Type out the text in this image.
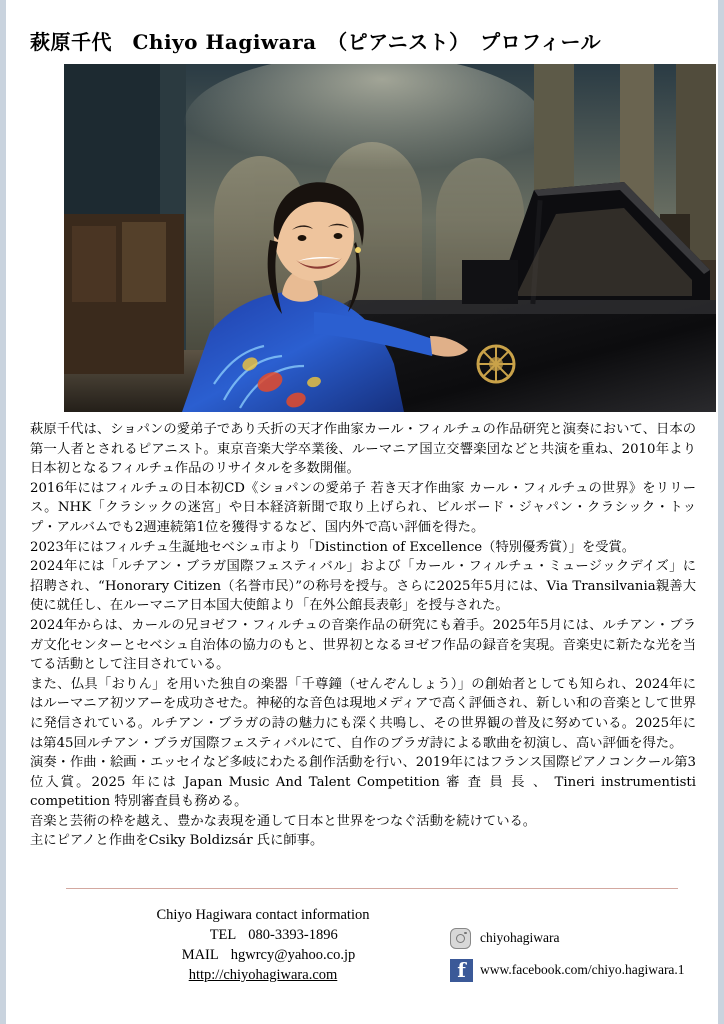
萩原千代　Chiyo Hagiwara　（ピアニスト）　プロフィール

萩原千代は、ショパンの愛弟子であり夭折の天才作曲家カール・フィルチュの作品研究と演奏において、日本の第一人者とされるピアニスト。東京音楽大学卒業後、ルーマニア国立交響楽団などと共演を重ね、2010年より日本初となるフィルチュ作品のリサイタルを多数開催。

2016年にはフィルチュの日本初CD《ショパンの愛弟子 若き天才作曲家 カール・フィルチュの世界》をリリース。NHK「クラシックの迷宮」や日本経済新聞で取り上げられ、ビルボード・ジャパン・クラシック・トップ・アルバムでも2週連続第1位を獲得するなど、国内外で高い評価を得た。

2023年にはフィルチュ生誕地セベシュ市より「Distinction of Excellence（特別優秀賞）」を受賞。

2024年には「ルチアン・ブラガ国際フェスティバル」および「カール・フィルチュ・ミュージックデイズ」に招聘され、“Honorary Citizen（名誉市民）”の称号を授与。さらに2025年5月には、Via Transilvania親善大使に就任し、在ルーマニア日本国大使館より「在外公館長表彰」を授与された。

2024年からは、カールの兄ヨゼフ・フィルチュの音楽作品の研究にも着手。2025年5月には、ルチアン・ブラガ文化センターとセベシュ自治体の協力のもと、世界初となるヨゼフ作品の録音を実現。音楽史に新たな光を当てる活動として注目されている。

また、仏具「おりん」を用いた独自の楽器「千尊鐘（せんぞんしょう）」の創始者としても知られ、2024年にはルーマニア初ツアーを成功させた。神秘的な音色は現地メディアで高く評価され、新しい和の音楽として世界に発信されている。ルチアン・ブラガの詩の魅力にも深く共鳴し、その世界観の普及に努めている。2025年には第45回ルチアン・ブラガ国際フェスティバルにて、自作のブラガ詩による歌曲を初演し、高い評価を得た。

演奏・作曲・絵画・エッセイなど多岐にわたる創作活動を行い、2019年にはフランス国際ピアノコンクール第3位入賞。2025 年には Japan Music And Talent Competition 審 査 員 長 、 Tineri instrumentisti competition 特別審査員も務める。

音楽と芸術の枠を越え、豊かな表現を通して日本と世界をつなぐ活動を続けている。

主にピアノと作曲をCsiky Boldizsár 氏に師事。

Chiyo Hagiwara contact information
TEL 080-3393-1896
MAIL hgwrcy@yahoo.co.jp
http://chiyohagiwara.com
chiyohagiwara
f	www.facebook.com/chiyo.hagiwara.1
